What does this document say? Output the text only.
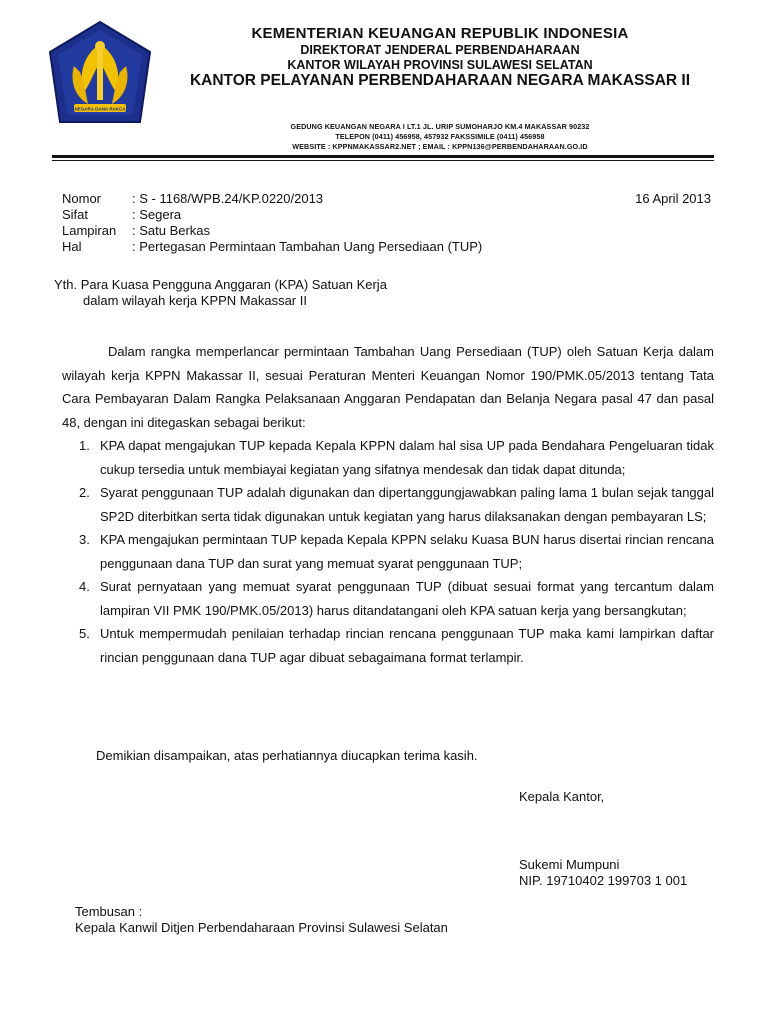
NEGARA DANA RAKCA
KEMENTERIAN KEUANGAN REPUBLIK INDONESIA
DIREKTORAT JENDERAL PERBENDAHARAAN
KANTOR WILAYAH PROVINSI SULAWESI SELATAN
KANTOR PELAYANAN PERBENDAHARAAN NEGARA MAKASSAR II
GEDUNG KEUANGAN NEGARA I LT.1 JL. URIP SUMOHARJO KM.4 MAKASSAR 90232
TELEPON (0411) 456958, 457932 FAKSSIMILE (0411) 456958
WEBSITE : KPPNMAKASSAR2.NET ; EMAIL : KPPN136@PERBENDAHARAAN.GO.ID
Nomor	: S - 1168/WPB.24/KP.0220/2013
Sifat	: Segera
Lampiran	: Satu Berkas
Hal	: Pertegasan Permintaan Tambahan Uang Persediaan (TUP)
16 April 2013
Yth. Para Kuasa Pengguna Anggaran (KPA) Satuan Kerja
dalam wilayah kerja KPPN Makassar II

Dalam rangka memperlancar permintaan Tambahan Uang Persediaan (TUP) oleh Satuan Kerja dalam wilayah kerja KPPN Makassar II, sesuai Peraturan Menteri Keuangan Nomor 190/PMK.05/2013 tentang Tata Cara Pembayaran Dalam Rangka Pelaksanaan Anggaran Pendapatan dan Belanja Negara pasal 47 dan pasal 48, dengan ini ditegaskan sebagai berikut:

1. KPA dapat mengajukan TUP kepada Kepala KPPN dalam hal sisa UP pada Bendahara Pengeluaran tidak cukup tersedia untuk membiayai kegiatan yang sifatnya mendesak dan tidak dapat ditunda;
2. Syarat penggunaan TUP adalah digunakan dan dipertanggungjawabkan paling lama 1 bulan sejak tanggal SP2D diterbitkan serta tidak digunakan untuk kegiatan yang harus dilaksanakan dengan pembayaran LS;
3. KPA mengajukan permintaan TUP kepada Kepala KPPN selaku Kuasa BUN harus disertai rincian rencana penggunaan dana TUP dan surat yang memuat syarat penggunaan TUP;
4. Surat pernyataan yang memuat syarat penggunaan TUP (dibuat sesuai format yang tercantum dalam lampiran VII PMK 190/PMK.05/2013) harus ditandatangani oleh KPA satuan kerja yang bersangkutan;
5. Untuk mempermudah penilaian terhadap rincian rencana penggunaan TUP maka kami lampirkan daftar rincian penggunaan dana TUP agar dibuat sebagaimana format terlampir.
Demikian disampaikan, atas perhatiannya diucapkan terima kasih.
Kepala Kantor,
Sukemi Mumpuni
NIP. 19710402 199703 1 001
Tembusan :
Kepala Kanwil Ditjen Perbendaharaan Provinsi Sulawesi Selatan
